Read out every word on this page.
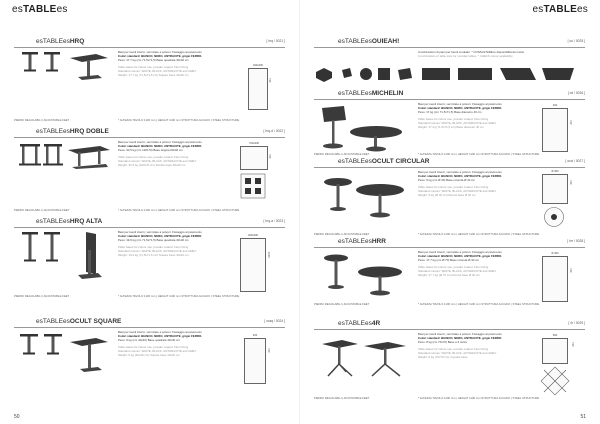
esTABLEes	esTABLEes
esTABLEesHRQ	[ hrq / 0021 ]
Basi per tavoli interni, verniciate a polveri. Fissaggio al pavimento
Colori standard: BIANCO, NERO, ANTRACITE, grigio FERRO.
Peso: 17,7 kg (cm 71,5x71,5) Base quadrata 40x40 cm
Table bases for indoor use, powder coated. Floor fixing
Standard colours: WHITE, BLACK, ANTHRACITE and GREY
Weight: 17,7 kg (71,5x71,5 cm) Square base 40x40 cm
400x400
730
PIEDINI REGOLABILI | ADJUSTABLE FEET	* ALTEZZA TAVOLO 1100 mm | HEIGHT 1100 mm STRUTTURA ACCIAIO | STEEL STRUCTURE
esTABLEesHRQ DOBLE	[ hrq-d / 0022 ]
Basi per tavoli interni, verniciate a polveri. Fissaggio al pavimento
Colori standard: BIANCO, NERO, ANTRACITE, grigio FERRO.
Peso: 30,5 kg (cm 120x70) Base doppia 60x40 cm
Table bases for indoor use, powder coated. Floor fixing
Standard colours: WHITE, BLACK, ANTHRACITE and GREY
Weight: 30,5 kg (120x70 cm) Double base 60x40 cm
700x400
730
PIEDINI REGOLABILI | ADJUSTABLE FEET	* ALTEZZA TAVOLO 1100 mm | HEIGHT 1100 mm STRUTTURA ACCIAIO | STEEL STRUCTURE
esTABLEesHRQ ALTA	[ hrq-a / 0023 ]
Basi per tavoli interni, verniciate a polveri. Fissaggio al pavimento
Colori standard: BIANCO, NERO, ANTRACITE, grigio FERRO.
Peso: 19,6 kg (cm 71,5x71,5) Base quadrata 40x40 cm
Table bases for indoor use, powder coated. Floor fixing
Standard colours: WHITE, BLACK, ANTHRACITE and GREY
Weight: 19,6 kg (71,5x71,5 cm) Square base 40x40 cm
400x400
1100
PIEDINI REGOLABILI | ADJUSTABLE FEET	* ALTEZZA TAVOLO 1100 mm | HEIGHT 1100 mm STRUTTURA ACCIAIO | STEEL STRUCTURE
esTABLEesOCULT SQUARE	[ ocsq / 0024 ]
Basi per tavoli interni, verniciate a polveri. Fissaggio al pavimento
Colori standard: BIANCO, NERO, ANTRACITE, grigio FERRO.
Peso: 9 kg (cm 40x40) Base quadrata 40x40 cm
Table bases for indoor use, powder coated. Floor fixing
Standard colours: WHITE, BLACK, ANTHRACITE and GREY
Weight: 9 kg (40x40 cm) Square base 40x40 cm
400
730
50
esTABLEesOUIEAH!	[ ou / 0025 ]
Combinazioni di piani per tavoli modulari. * CONSULTARE le disponibilità dei colori
Combinations of table tops for modular tables. * CHECK colour availability
esTABLEesMICHELIN	[ mi / 0026 ]
Basi per tavoli interni, verniciate a polveri. Fissaggio al pavimento
Colori standard: BIANCO, NERO, ANTRACITE, grigio FERRO.
Peso: 17 kg (cm 71,5x71,5) Base diametro 40 cm
Table bases for indoor use, powder coated. Floor fixing
Standard colours: WHITE, BLACK, ANTHRACITE and GREY
Weight: 17 kg (71,5x71,5 cm) Base diameter 40 cm
400
730
PIEDINI REGOLABILI | ADJUSTABLE FEET	* ALTEZZA TAVOLO 1100 mm | HEIGHT 1100 mm STRUTTURA ACCIAIO | STEEL STRUCTURE
esTABLEesOCULT CIRCULAR	[ occi / 0027 ]
Basi per tavoli interni, verniciate a polveri. Fissaggio al pavimento
Colori standard: BIANCO, NERO, ANTRACITE, grigio FERRO.
Peso: 9 kg (cm Ø 40) Base rotonda Ø 40 cm
Table bases for indoor use, powder coated. Floor fixing
Standard colours: WHITE, BLACK, ANTHRACITE and GREY
Weight: 9 kg (Ø 40 cm) Round base Ø 40 cm
Ø 400
730
PIEDINI REGOLABILI | ADJUSTABLE FEET	* ALTEZZA TAVOLO 1100 mm | HEIGHT 1100 mm STRUTTURA ACCIAIO | STEEL STRUCTURE
esTABLEesHRR	[ hrr / 0028 ]
Basi per tavoli interni, verniciate a polveri. Fissaggio al pavimento
Colori standard: BIANCO, NERO, ANTRACITE, grigio FERRO.
Peso: 17,7 kg (cm Ø 70) Base rotonda Ø 40 cm
Table bases for indoor use, powder coated. Floor fixing
Standard colours: WHITE, BLACK, ANTHRACITE and GREY
Weight: 17,7 kg (Ø 70 cm) Round base Ø 40 cm
Ø 400
730
PIEDINI REGOLABILI | ADJUSTABLE FEET	* ALTEZZA TAVOLO 1100 mm | HEIGHT 1100 mm STRUTTURA ACCIAIO | STEEL STRUCTURE
esTABLEes4R	[ 4r / 0029 ]
Basi per tavoli interni, verniciate a polveri. Fissaggio al pavimento
Colori standard: BIANCO, NERO, ANTRACITE, grigio FERRO.
Peso: 8 kg (cm 70x70) Base a 4 razze
Table bases for indoor use, powder coated. Floor fixing
Standard colours: WHITE, BLACK, ANTHRACITE and GREY
Weight: 8 kg (70x70 cm) 4-spoke base
600
730
PIEDINI REGOLABILI | ADJUSTABLE FEET	* ALTEZZA TAVOLO 1100 mm | HEIGHT 1100 mm STRUTTURA ACCIAIO | STEEL STRUCTURE
51
